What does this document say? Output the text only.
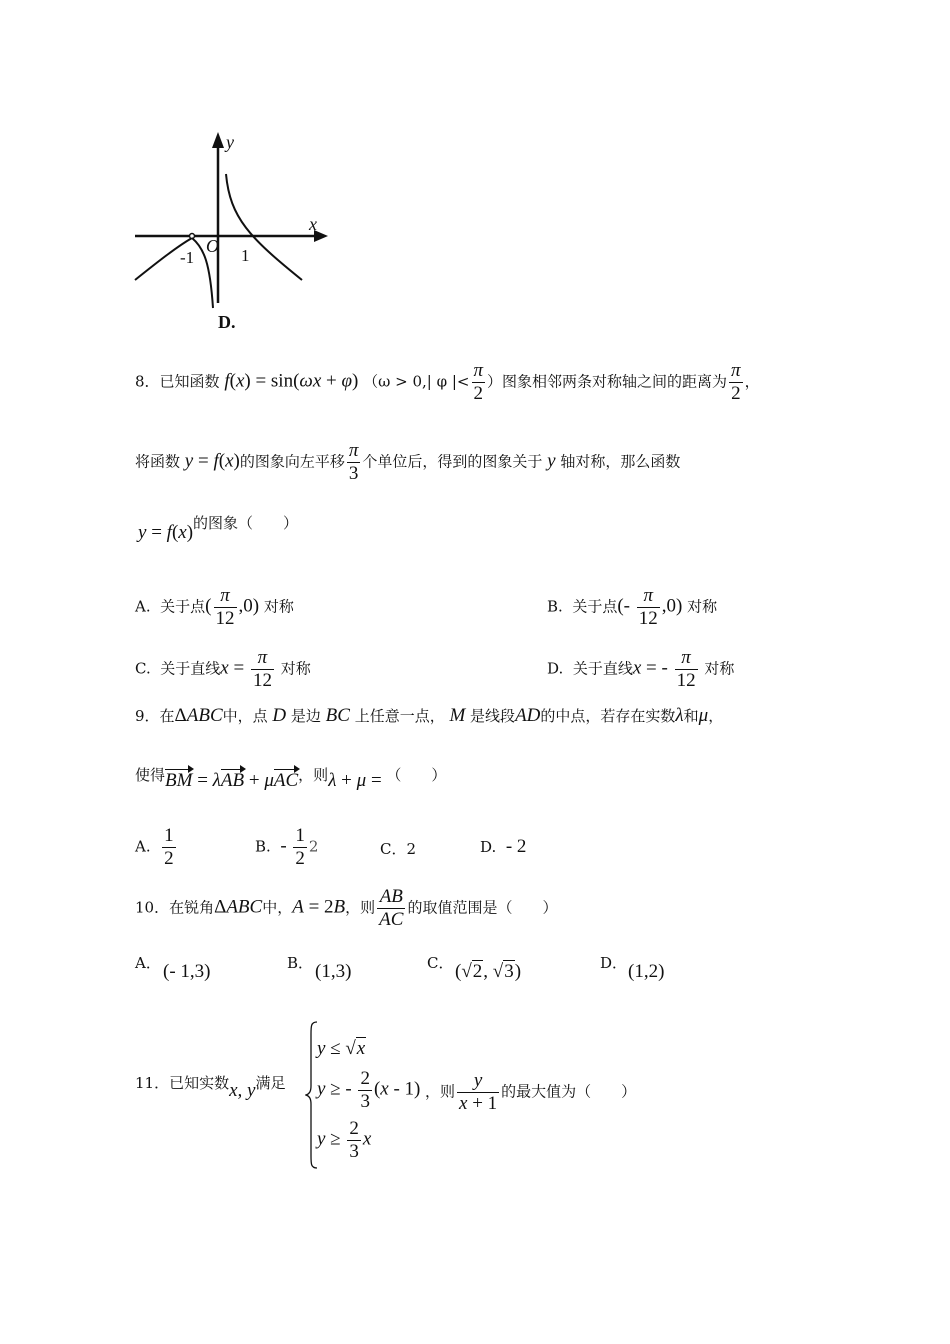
y
x
O
-1	1
D.
8．已知函数 f(x) = sin(ωx + φ) （ω > 0,| φ |< $\frac{\pi}{2}$ ）图象相邻两条对称轴之间的距离为 $\frac{\pi}{2}$ ，
将函数 y = f(x)的图象向左平移 $\frac{\pi}{3}$ 个单位后，得到的图象关于 y 轴对称，那么函数
y = f(x)的图象（　　）
A. 关于点( $\frac{\pi}{12} ,0$) 对称	B. 关于点(- $\frac{\pi}{12} ,0$) 对称
C. 关于直线$x = \frac{\pi}{12}$ 对称	D. 关于直线x = - $\frac{\pi}{12}$ 对称
9．在ΔABC中，点 D 是边 BC 上任意一点， M 是线段AD的中点，若存在实数λ和μ，
使得BM = λAB + μAC，则λ + μ = （　　）
A. $\frac{1}{2}$	B. - $\frac{1}{2} 2$	C．2	D. - 2
10．在锐角ΔABC中，A = 2B，则 $\frac{AB}{AC}$ 的取值范围是（　　）
A． (- 1,3)	B． (1,3)	C．
(√2, √3)	D．
(1,2)
11．已知实数x, y满足
y ≤ √x
y ≥ - $\frac{2}{3} (x - 1)$
$y \ge \frac{2}{3}$ x
，则 $\frac{y}{x + 1}$ 的最大值为（　　）
